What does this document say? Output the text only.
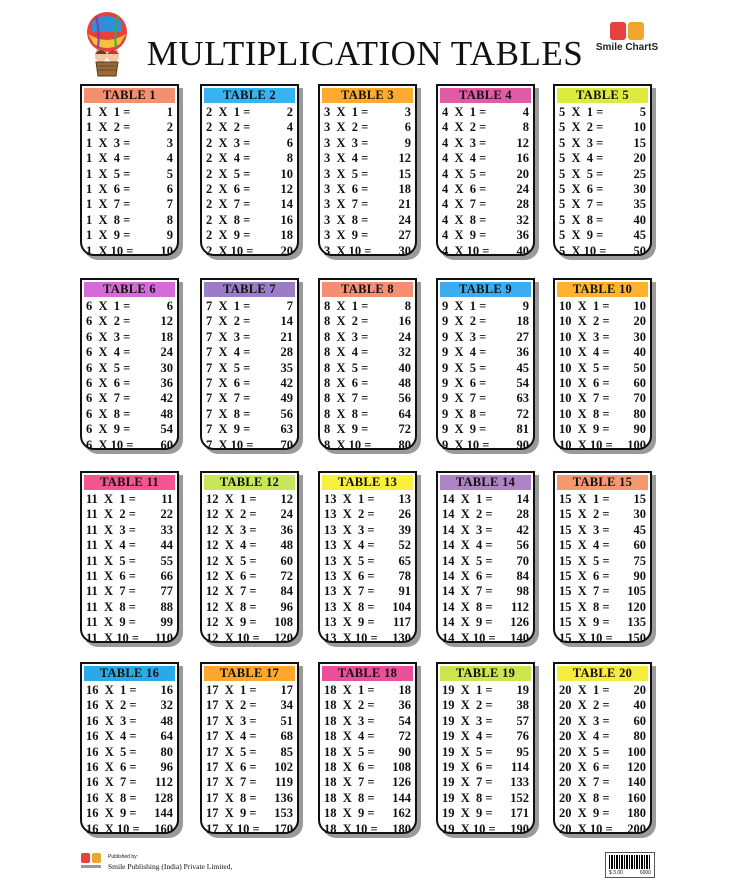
MULTIPLICATION TABLES	Smile ChartS
TABLE 1
1  X  1 =	1
1  X  2 =	2
1  X  3 =	3
1  X  4 =	4
1  X  5 =	5
1  X  6 =	6
1  X  7 =	7
1  X  8 =	8
1  X  9 =	9
1  X 10 =	10
TABLE 2
2  X  1 =	2
2  X  2 =	4
2  X  3 =	6
2  X  4 =	8
2  X  5 =	10
2  X  6 =	12
2  X  7 =	14
2  X  8 =	16
2  X  9 =	18
2  X 10 =	20
TABLE 3
3  X  1 =	3
3  X  2 =	6
3  X  3 =	9
3  X  4 =	12
3  X  5 =	15
3  X  6 =	18
3  X  7 =	21
3  X  8 =	24
3  X  9 =	27
3  X 10 =	30
TABLE 4
4  X  1 =	4
4  X  2 =	8
4  X  3 =	12
4  X  4 =	16
4  X  5 =	20
4  X  6 =	24
4  X  7 =	28
4  X  8 =	32
4  X  9 =	36
4  X 10 =	40
TABLE 5
5  X  1 =	5
5  X  2 =	10
5  X  3 =	15
5  X  4 =	20
5  X  5 =	25
5  X  6 =	30
5  X  7 =	35
5  X  8 =	40
5  X  9 =	45
5  X 10 =	50
TABLE 6
6  X  1 =	6
6  X  2 =	12
6  X  3 =	18
6  X  4 =	24
6  X  5 =	30
6  X  6 =	36
6  X  7 =	42
6  X  8 =	48
6  X  9 =	54
6  X 10 =	60
TABLE 7
7  X  1 =	7
7  X  2 =	14
7  X  3 =	21
7  X  4 =	28
7  X  5 =	35
7  X  6 =	42
7  X  7 =	49
7  X  8 =	56
7  X  9 =	63
7  X 10 =	70
TABLE 8
8  X  1 =	8
8  X  2 =	16
8  X  3 =	24
8  X  4 =	32
8  X  5 =	40
8  X  6 =	48
8  X  7 =	56
8  X  8 =	64
8  X  9 =	72
8  X 10 =	80
TABLE 9
9  X  1 =	9
9  X  2 =	18
9  X  3 =	27
9  X  4 =	36
9  X  5 =	45
9  X  6 =	54
9  X  7 =	63
9  X  8 =	72
9  X  9 =	81
9  X 10 =	90
TABLE 10
10  X  1 =	10
10  X  2 =	20
10  X  3 =	30
10  X  4 =	40
10  X  5 =	50
10  X  6 =	60
10  X  7 =	70
10  X  8 =	80
10  X  9 =	90
10  X 10 =	100
TABLE 11
11  X  1 =	11
11  X  2 =	22
11  X  3 =	33
11  X  4 =	44
11  X  5 =	55
11  X  6 =	66
11  X  7 =	77
11  X  8 =	88
11  X  9 =	99
11  X 10 =	110
TABLE 12
12  X  1 =	12
12  X  2 =	24
12  X  3 =	36
12  X  4 =	48
12  X  5 =	60
12  X  6 =	72
12  X  7 =	84
12  X  8 =	96
12  X  9 =	108
12  X 10 =	120
TABLE 13
13  X  1 =	13
13  X  2 =	26
13  X  3 =	39
13  X  4 =	52
13  X  5 =	65
13  X  6 =	78
13  X  7 =	91
13  X  8 =	104
13  X  9 =	117
13  X 10 =	130
TABLE 14
14  X  1 =	14
14  X  2 =	28
14  X  3 =	42
14  X  4 =	56
14  X  5 =	70
14  X  6 =	84
14  X  7 =	98
14  X  8 =	112
14  X  9 =	126
14  X 10 =	140
TABLE 15
15  X  1 =	15
15  X  2 =	30
15  X  3 =	45
15  X  4 =	60
15  X  5 =	75
15  X  6 =	90
15  X  7 =	105
15  X  8 =	120
15  X  9 =	135
15  X 10 =	150
TABLE 16
16  X  1 =	16
16  X  2 =	32
16  X  3 =	48
16  X  4 =	64
16  X  5 =	80
16  X  6 =	96
16  X  7 =	112
16  X  8 =	128
16  X  9 =	144
16  X 10 =	160
TABLE 17
17  X  1 =	17
17  X  2 =	34
17  X  3 =	51
17  X  4 =	68
17  X  5 =	85
17  X  6 =	102
17  X  7 =	119
17  X  8 =	136
17  X  9 =	153
17  X 10 =	170
TABLE 18
18  X  1 =	18
18  X  2 =	36
18  X  3 =	54
18  X  4 =	72
18  X  5 =	90
18  X  6 =	108
18  X  7 =	126
18  X  8 =	144
18  X  9 =	162
18  X 10 =	180
TABLE 19
19  X  1 =	19
19  X  2 =	38
19  X  3 =	57
19  X  4 =	76
19  X  5 =	95
19  X  6 =	114
19  X  7 =	133
19  X  8 =	152
19  X  9 =	171
19  X 10 =	190
TABLE 20
20  X  1 =	20
20  X  2 =	40
20  X  3 =	60
20  X  4 =	80
20  X  5 =	100
20  X  6 =	120
20  X  7 =	140
20  X  8 =	160
20  X  9 =	180
20  X 10 =	200
Published by:
Smile Publishing (India) Private Limited,
$ 3.00	6000
